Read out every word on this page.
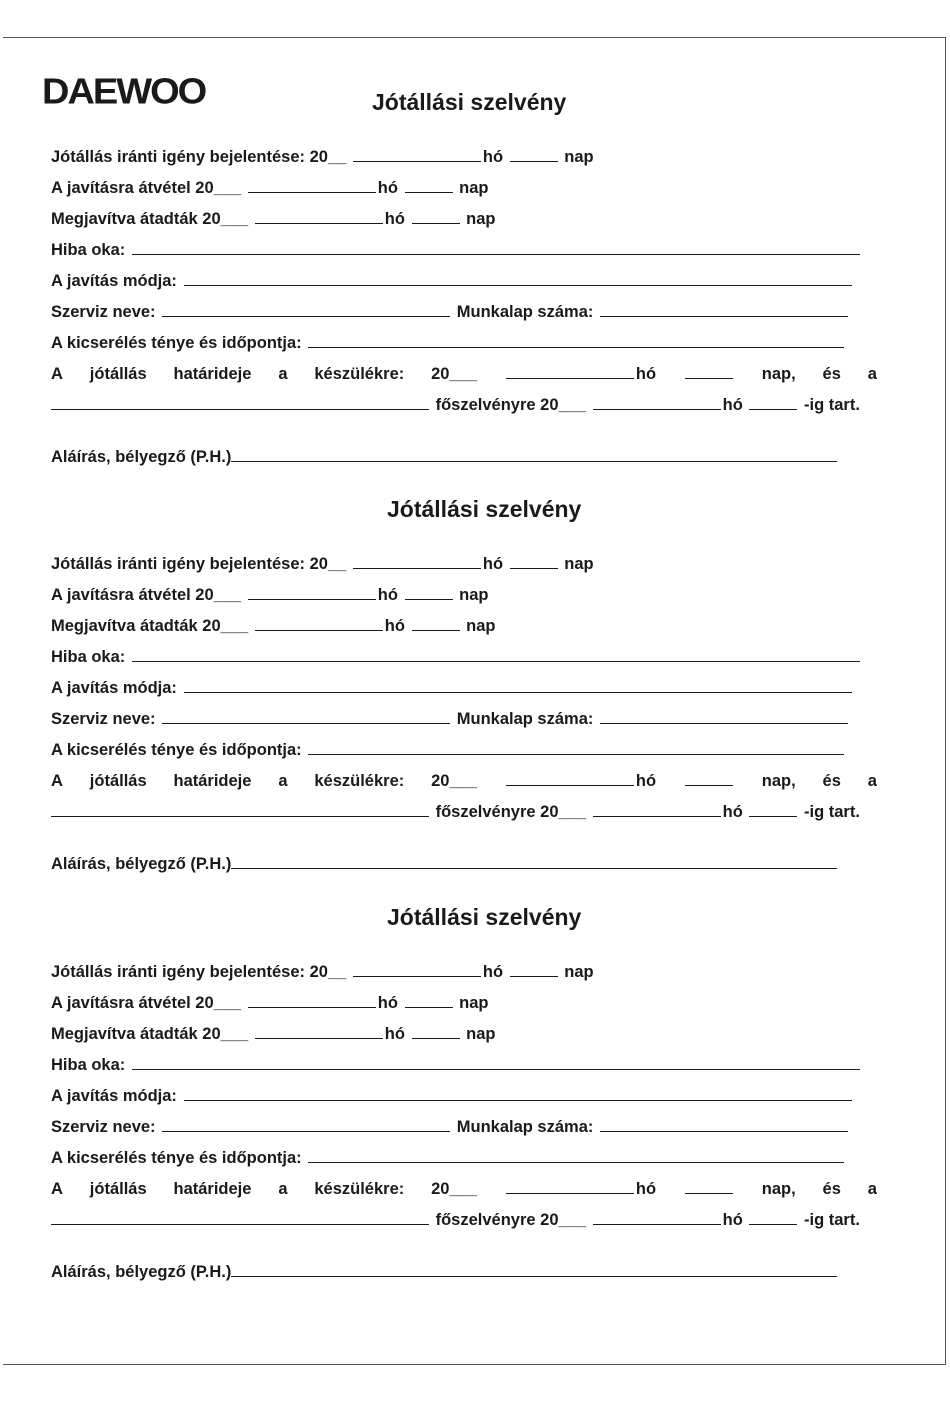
DAEWOO	Jótállási szelvény
Jótállás iránti igény bejelentése: 20__	hó	nap
A javításra átvétel 20___	hó	nap
Megjavítva átadták 20___	hó	nap
Hiba oka:
A javítás módja:
Szerviz neve:	Munkalap száma:
A kicserélés ténye és időpontja:
A jótállás határideje a készülékre: 20___	hó	nap, és a
főszelvényre 20___	hó	-ig tart.
Aláírás, bélyegző (P.H.)
Jótállási szelvény
Jótállás iránti igény bejelentése: 20__	hó	nap
A javításra átvétel 20___	hó	nap
Megjavítva átadták 20___	hó	nap
Hiba oka:
A javítás módja:
Szerviz neve:	Munkalap száma:
A kicserélés ténye és időpontja:
A jótállás határideje a készülékre: 20___	hó	nap, és a
főszelvényre 20___	hó	-ig tart.
Aláírás, bélyegző (P.H.)
Jótállási szelvény
Jótállás iránti igény bejelentése: 20__	hó	nap
A javításra átvétel 20___	hó	nap
Megjavítva átadták 20___	hó	nap
Hiba oka:
A javítás módja:
Szerviz neve:	Munkalap száma:
A kicserélés ténye és időpontja:
A jótállás határideje a készülékre: 20___	hó	nap, és a
főszelvényre 20___	hó	-ig tart.
Aláírás, bélyegző (P.H.)
